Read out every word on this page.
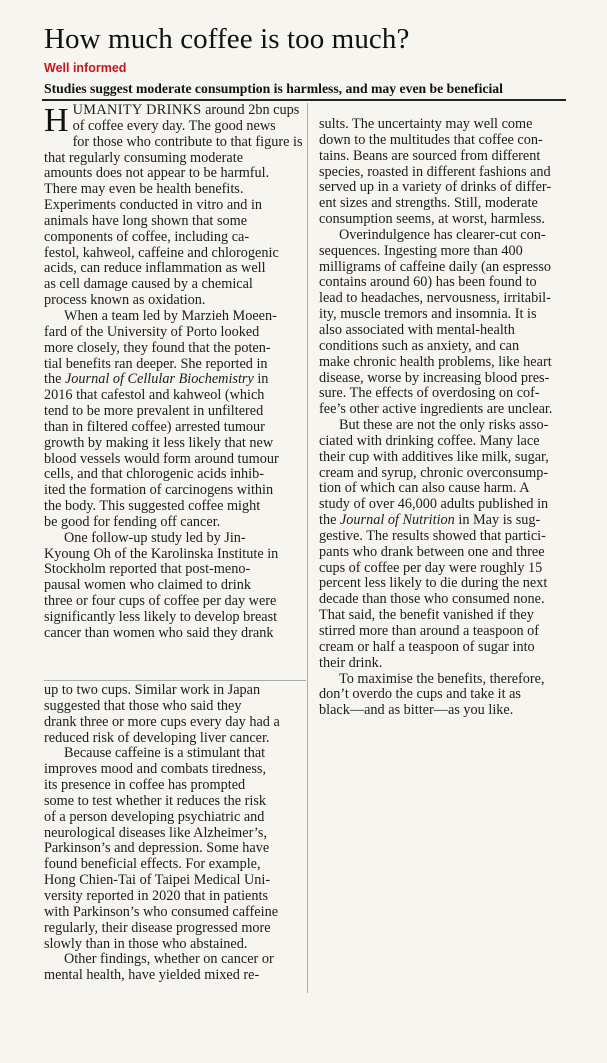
How much coffee is too much?
Well informed
Studies suggest moderate consumption is harmless, and may even be beneficial
H UMANITY DRINKS around 2bn cups
of coffee every day. The good news
for those who contribute to that figure is
that regularly consuming moderate
amounts does not appear to be harmful.
There may even be health benefits.
Experiments conducted in vitro and in
animals have long shown that some
components of coffee, including ca-
festol, kahweol, caffeine and chlorogenic
acids, can reduce inflammation as well
as cell damage caused by a chemical
process known as oxidation.
When a team led by Marzieh Moeen-
fard of the University of Porto looked
more closely, they found that the poten-
tial benefits ran deeper. She reported in
the Journal of Cellular Biochemistry in
2016 that cafestol and kahweol (which
tend to be more prevalent in unfiltered
than in filtered coffee) arrested tumour
growth by making it less likely that new
blood vessels would form around tumour
cells, and that chlorogenic acids inhib-
ited the formation of carcinogens within
the body. This suggested coffee might
be good for fending off cancer.
One follow-up study led by Jin-
Kyoung Oh of the Karolinska Institute in
Stockholm reported that post-meno-
pausal women who claimed to drink
three or four cups of coffee per day were
significantly less likely to develop breast
cancer than women who said they drank
up to two cups. Similar work in Japan
suggested that those who said they
drank three or more cups every day had a
reduced risk of developing liver cancer.
Because caffeine is a stimulant that
improves mood and combats tiredness,
its presence in coffee has prompted
some to test whether it reduces the risk
of a person developing psychiatric and
neurological diseases like Alzheimer’s,
Parkinson’s and depression. Some have
found beneficial effects. For example,
Hong Chien-Tai of Taipei Medical Uni-
versity reported in 2020 that in patients
with Parkinson’s who consumed caffeine
regularly, their disease progressed more
slowly than in those who abstained.
Other findings, whether on cancer or
mental health, have yielded mixed re-
sults. The uncertainty may well come
down to the multitudes that coffee con-
tains. Beans are sourced from different
species, roasted in different fashions and
served up in a variety of drinks of differ-
ent sizes and strengths. Still, moderate
consumption seems, at worst, harmless.
Overindulgence has clearer-cut con-
sequences. Ingesting more than 400
milligrams of caffeine daily (an espresso
contains around 60) has been found to
lead to headaches, nervousness, irritabil-
ity, muscle tremors and insomnia. It is
also associated with mental-health
conditions such as anxiety, and can
make chronic health problems, like heart
disease, worse by increasing blood pres-
sure. The effects of overdosing on cof-
fee’s other active ingredients are unclear.
But these are not the only risks asso-
ciated with drinking coffee. Many lace
their cup with additives like milk, sugar,
cream and syrup, chronic overconsump-
tion of which can also cause harm. A
study of over 46,000 adults published in
the Journal of Nutrition in May is sug-
gestive. The results showed that partici-
pants who drank between one and three
cups of coffee per day were roughly 15
percent less likely to die during the next
decade than those who consumed none.
That said, the benefit vanished if they
stirred more than around a teaspoon of
cream or half a teaspoon of sugar into
their drink.
To maximise the benefits, therefore,
don’t overdo the cups and take it as
black—and as bitter—as you like.
